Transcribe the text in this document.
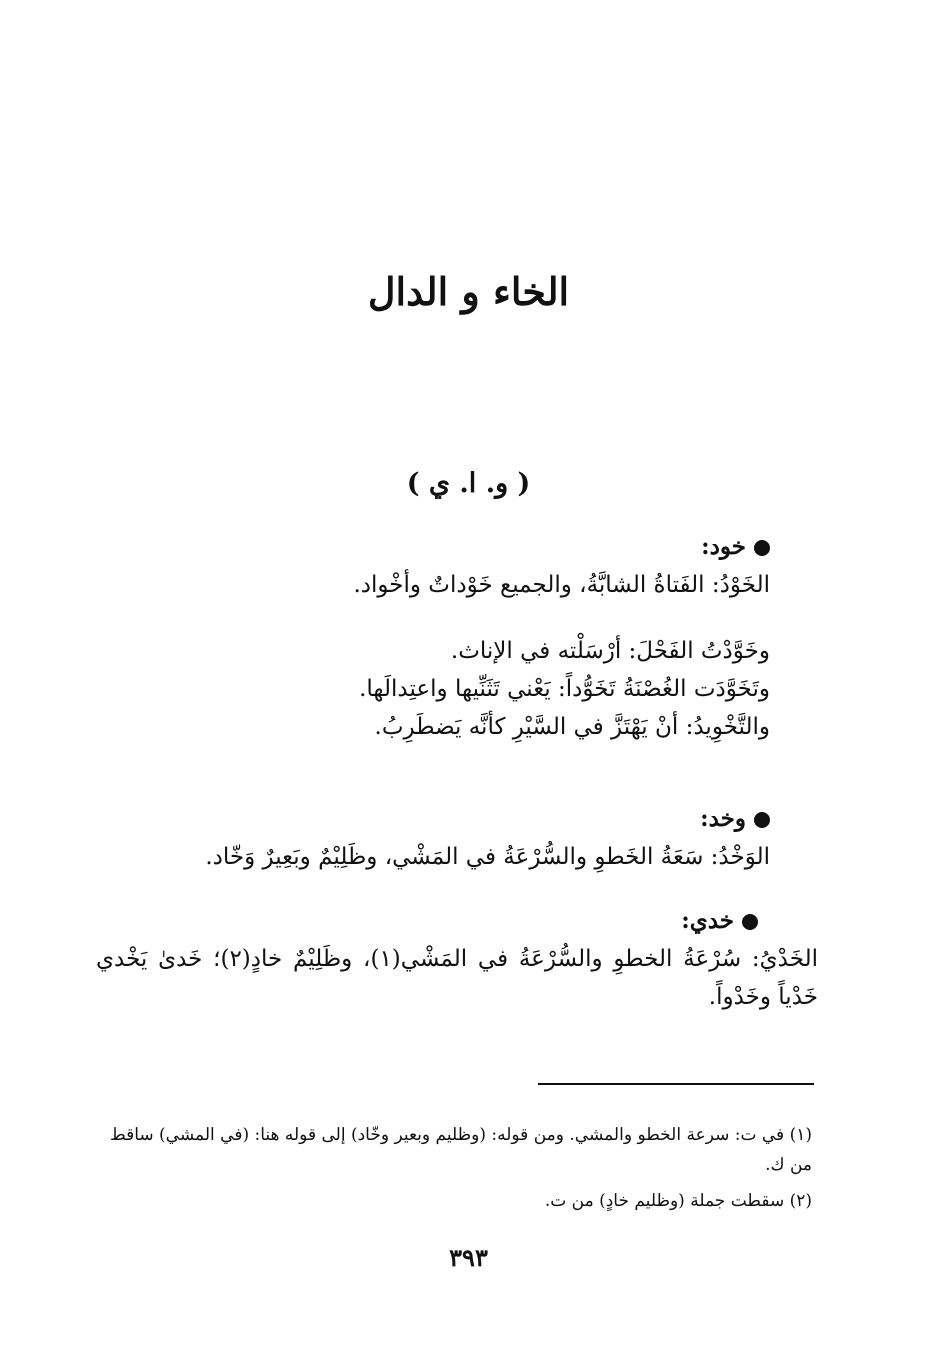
الخاء و الدال
( و. ا. ي )
خود:
الخَوْدُ: الفَتاةُ الشابَّةُ، والجميع خَوْداتٌ وأخْواد.
وخَوَّدْتُ الفَحْلَ: أرْسَلْته في الإناث.
وتَخَوَّدَت الغُصْنَةُ تَخَوُّداً: يَعْني تَثَنِّيها واعتِدالَها.
والتَّخْوِيدُ: أنْ يَهْتَزَّ في السَّيْرِ كأنَّه يَضطَرِبُ.
وخد:
الوَخْدُ: سَعَةُ الخَطوِ والسُّرْعَةُ في المَشْي، وظَلِيْمٌ وبَعِيرٌ وَخّاد.
خدي:
الخَدْيُ: سُرْعَةُ الخطوِ والسُّرْعَةُ في المَشْي(١)، وظَلِيْمٌ خادٍ(٢)؛ خَدىٰ يَخْدي خَدْياً وخَدْواً.
(١) في ت: سرعة الخطو والمشي. ومن قوله: (وظليم وبعير وخّاد) إلى قوله هنا: (في المشي) ساقط من ك.
(٢) سقطت جملة (وظليم خادٍ) من ت.
٣٩٣
